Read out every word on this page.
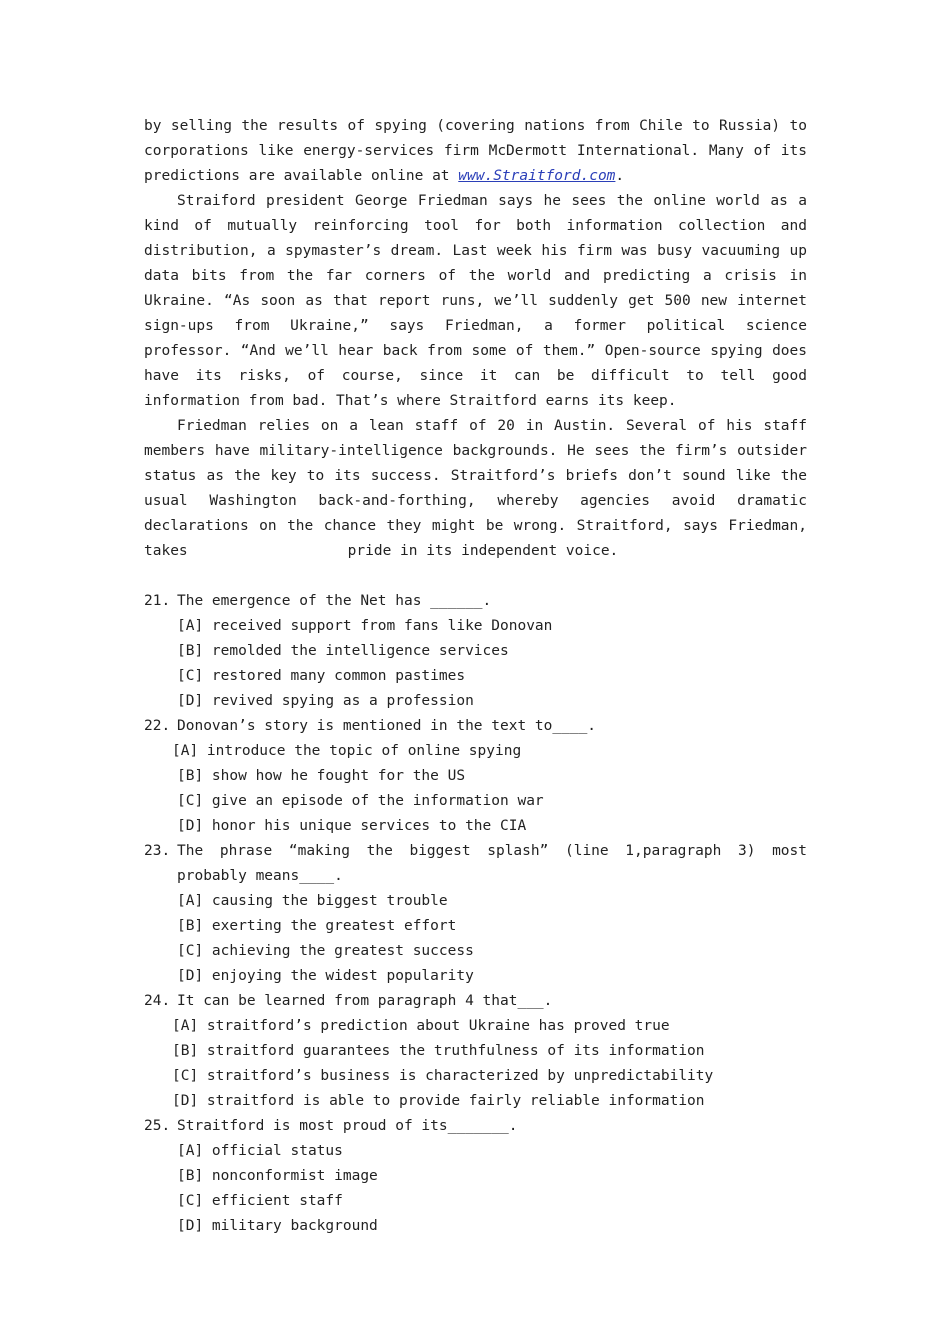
by selling the results of spying (covering nations from Chile to Russia) to corporations like energy-services firm McDermott International. Many of its predictions are available online at www.Straitford.com.

Straiford president George Friedman says he sees the online world as a kind of mutually reinforcing tool for both information collection and distribution, a spymaster’s dream. Last week his firm was busy vacuuming up data bits from the far corners of the world and predicting a crisis in Ukraine. “As soon as that report runs, we’ll suddenly get 500 new internet sign-ups from Ukraine,” says Friedman, a former political science professor. “And we’ll hear back from some of them.” Open-source spying does have its risks, of course, since it can be difficult to tell good information from bad. That’s where Straitford earns its keep.

Friedman relies on a lean staff of 20 in Austin. Several of his staff members have military-intelligence backgrounds. He sees the firm’s outsider status as the key to its success. Straitford’s briefs don’t sound like the usual Washington back-and-forthing, whereby agencies avoid dramatic declarations on the chance they might be wrong. Straitford, says Friedman, takes	pride in its independent voice.

21. The emergence of the Net has ______.
[A] received support from fans like Donovan
[B] remolded the intelligence services
[C] restored many common pastimes
[D] revived spying as a profession
22. Donovan’s story is mentioned in the text to____.
[A] introduce the topic of online spying
[B] show how he fought for the US
[C] give an episode of the information war
[D] honor his unique services to the CIA
23. The phrase “making the biggest splash” (line 1,paragraph 3) most probably means____.
[A] causing the biggest trouble
[B] exerting the greatest effort
[C] achieving the greatest success
[D] enjoying the widest popularity
24. It can be learned from paragraph 4 that___.
[A] straitford’s prediction about Ukraine has proved true
[B] straitford guarantees the truthfulness of its information
[C] straitford’s business is characterized by unpredictability
[D] straitford is able to provide fairly reliable information
25. Straitford is most proud of its_______.
[A] official status
[B] nonconformist image
[C] efficient staff
[D] military background
